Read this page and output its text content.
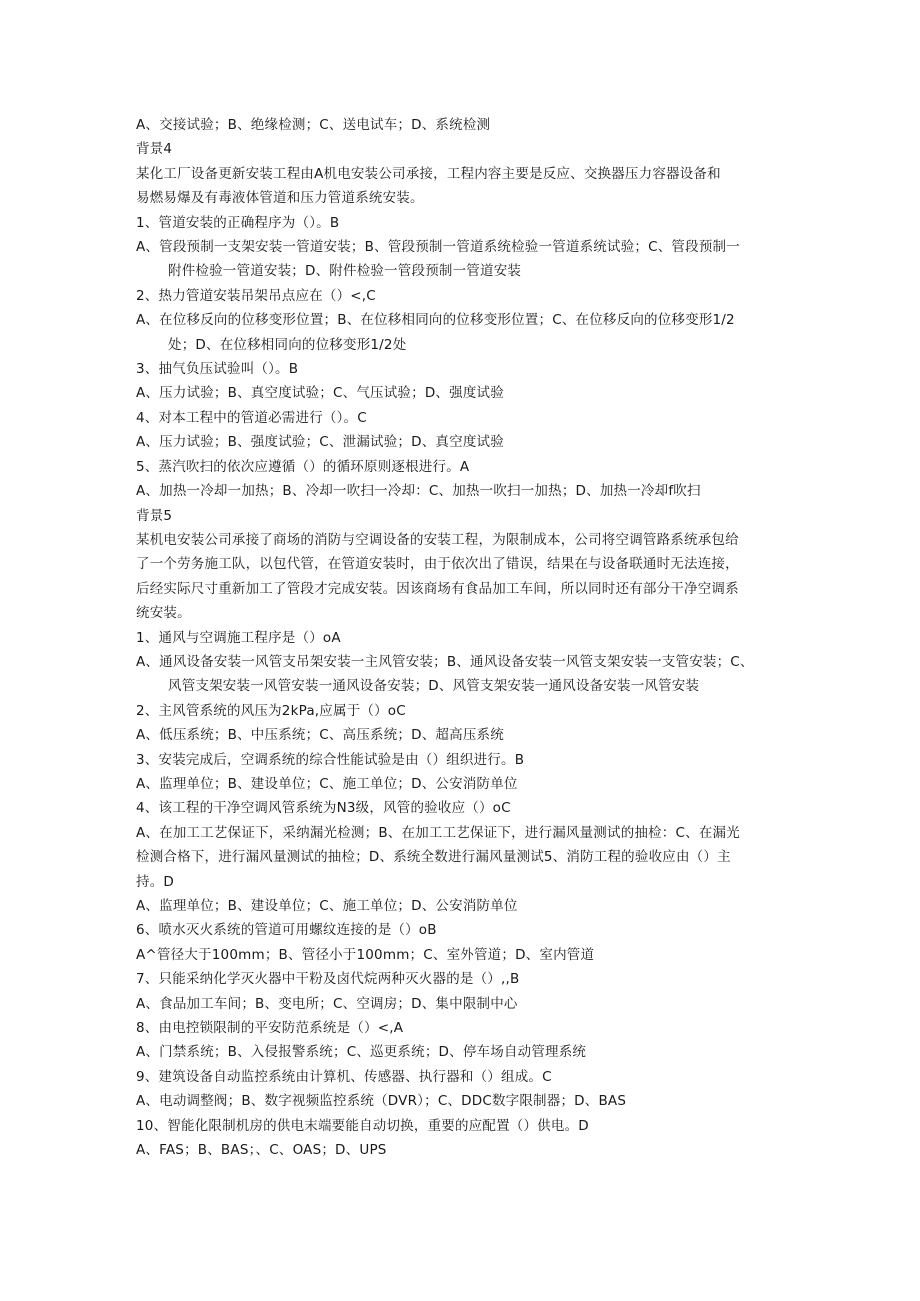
A、交接试验；B、绝缘检测；C、送电试车；D、系统检测
背景4
某化工厂设备更新安装工程由A机电安装公司承接，工程内容主要是反应、交换器压力容器设备和
易燃易爆及有毒液体管道和压力管道系统安装。
1、管道安装的正确程序为（）。B
A、管段预制一支架安装一管道安装；B、管段预制一管道系统检验一管道系统试验；C、管段预制一
附件检验一管道安装；D、附件检验一管段预制一管道安装
2、热力管道安装吊架吊点应在（）<,C
A、在位移反向的位移变形位置；B、在位移相同向的位移变形位置；C、在位移反向的位移变形1/2
处；D、在位移相同向的位移变形1/2处
3、抽气负压试验叫（）。B
A、压力试验；B、真空度试验；C、气压试验；D、强度试验
4、对本工程中的管道必需进行（）。C
A、压力试验；B、强度试验；C、泄漏试验；D、真空度试验
5、蒸汽吹扫的依次应遵循（）的循环原则逐根进行。A
A、加热一冷却一加热；B、冷却一吹扫一冷却：C、加热一吹扫一加热；D、加热一冷却f吹扫
背景5
某机电安装公司承接了商场的消防与空调设备的安装工程，为限制成本，公司将空调管路系统承包给
了一个劳务施工队，以包代管，在管道安装时，由于依次出了错误，结果在与设备联通时无法连接，
后经实际尺寸重新加工了管段才完成安装。因该商场有食品加工车间，所以同时还有部分干净空调系
统安装。
1、通风与空调施工程序是（）oA
A、通风设备安装一风管支吊架安装一主风管安装；B、通风设备安装一风管支架安装一支管安装；C、
风管支架安装一风管安装一通风设备安装；D、风管支架安装一通风设备安装一风管安装
2、主风管系统的风压为2kPa,应属于（）oC
A、低压系统；B、中压系统；C、高压系统；D、超高压系统
3、安装完成后，空调系统的综合性能试验是由（）组织进行。B
A、监理单位；B、建设单位；C、施工单位；D、公安消防单位
4、该工程的干净空调风管系统为N3级，风管的验收应（）oC
A、在加工工艺保证下，采纳漏光检测；B、在加工工艺保证下，进行漏风量测试的抽检：C、在漏光
检测合格下，进行漏风量测试的抽检；D、系统全数进行漏风量测试5、消防工程的验收应由（）主
持。D
A、监理单位；B、建设单位；C、施工单位；D、公安消防单位
6、喷水灭火系统的管道可用螺纹连接的是（）oB
A^管径大于100mm；B、管径小于100mm；C、室外管道；D、室内管道
7、只能采纳化学灭火器中干粉及卤代烷两种灭火器的是（）,,B
A、食品加工车间；B、变电所；C、空调房；D、集中限制中心
8、由电控锁限制的平安防范系统是（）<,A
A、门禁系统；B、入侵报警系统；C、巡更系统；D、停车场自动管理系统
9、建筑设备自动监控系统由计算机、传感器、执行器和（）组成。C
A、电动调整阀；B、数字视频监控系统（DVR）；C、DDC数字限制器；D、BAS
10、智能化限制机房的供电末端要能自动切换，重要的应配置（）供电。D
A、FAS；B、BAS；、C、OAS；D、UPS
